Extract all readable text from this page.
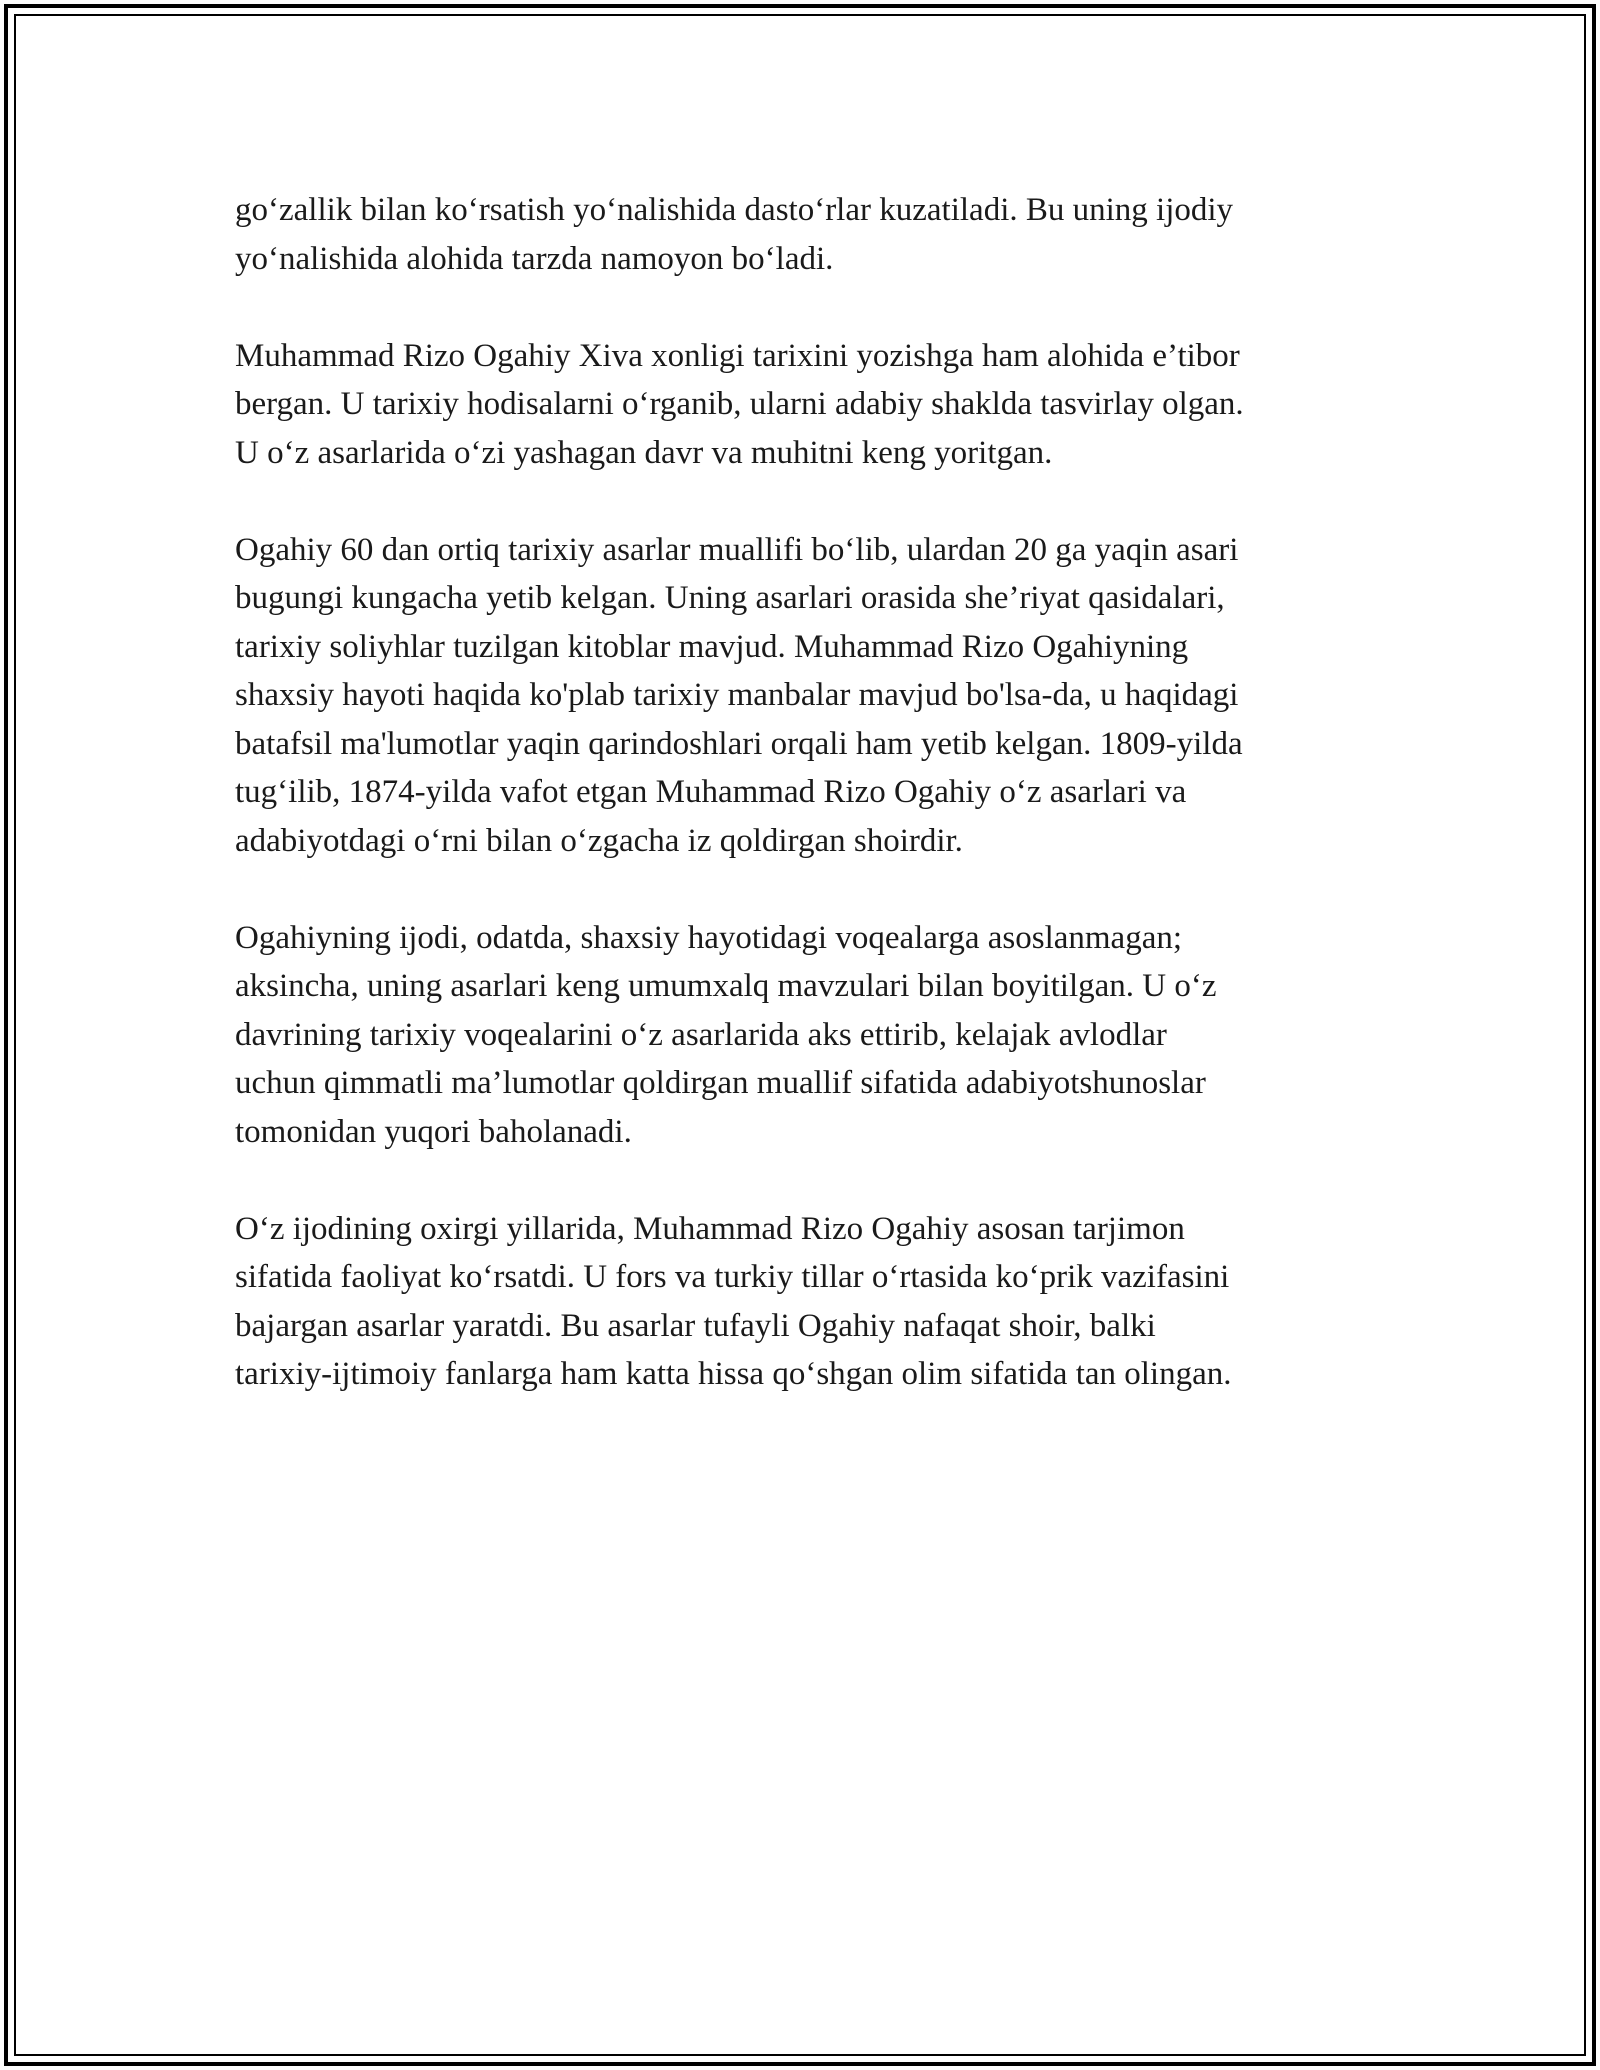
go‘zallik bilan ko‘rsatish yo‘nalishida dasto‘rlar kuzatiladi. Bu uning ijodiy
yo‘nalishida alohida tarzda namoyon bo‘ladi.

Muhammad Rizo Ogahiy Xiva xonligi tarixini yozishga ham alohida e’tibor
bergan. U tarixiy hodisalarni o‘rganib, ularni adabiy shaklda tasvirlay olgan.
U o‘z asarlarida o‘zi yashagan davr va muhitni keng yoritgan.

Ogahiy 60 dan ortiq tarixiy asarlar muallifi bo‘lib, ulardan 20 ga yaqin asari
bugungi kungacha yetib kelgan. Uning asarlari orasida she’riyat qasidalari,
tarixiy soliyhlar tuzilgan kitoblar mavjud. Muhammad Rizo Ogahiyning
shaxsiy hayoti haqida ko'plab tarixiy manbalar mavjud bo'lsa-da, u haqidagi
batafsil ma'lumotlar yaqin qarindoshlari orqali ham yetib kelgan. 1809-yilda
tug‘ilib, 1874-yilda vafot etgan Muhammad Rizo Ogahiy o‘z asarlari va
adabiyotdagi o‘rni bilan o‘zgacha iz qoldirgan shoirdir.

Ogahiyning ijodi, odatda, shaxsiy hayotidagi voqealarga asoslanmagan;
aksincha, uning asarlari keng umumxalq mavzulari bilan boyitilgan. U o‘z
davrining tarixiy voqealarini o‘z asarlarida aks ettirib, kelajak avlodlar
uchun qimmatli ma’lumotlar qoldirgan muallif sifatida adabiyotshunoslar
tomonidan yuqori baholanadi.

O‘z ijodining oxirgi yillarida, Muhammad Rizo Ogahiy asosan tarjimon
sifatida faoliyat ko‘rsatdi. U fors va turkiy tillar o‘rtasida ko‘prik vazifasini
bajargan asarlar yaratdi. Bu asarlar tufayli Ogahiy nafaqat shoir, balki
tarixiy-ijtimoiy fanlarga ham katta hissa qo‘shgan olim sifatida tan olingan.
